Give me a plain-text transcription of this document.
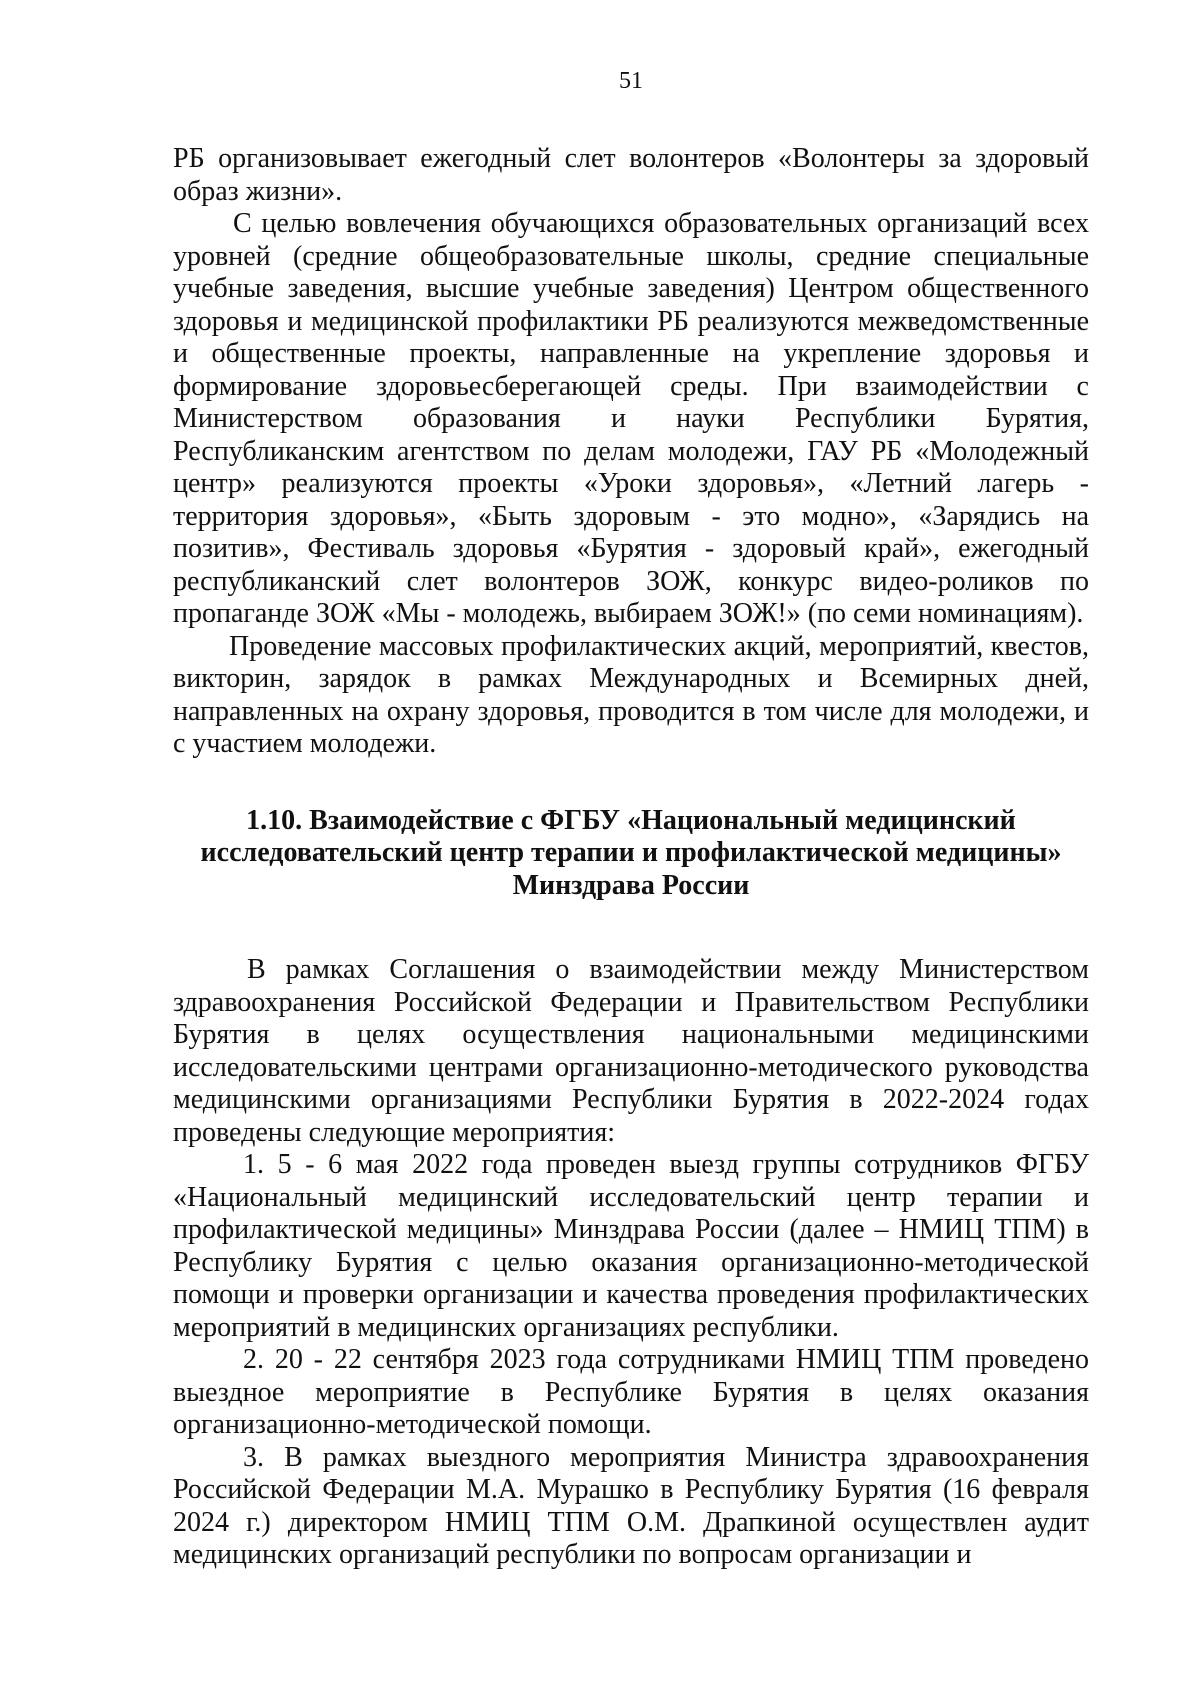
51

РБ организовывает ежегодный слет волонтеров «Волонтеры за здоровый образ жизни».

С целью вовлечения обучающихся образовательных организаций всех уровней (средние общеобразовательные школы, средние специальные учебные заведения, высшие учебные заведения) Центром общественного здоровья и медицинской профилактики РБ реализуются межведомственные и общественные проекты, направленные на укрепление здоровья и формирование здоровьесберегающей среды. При взаимодействии с Министерством образования и науки Республики Бурятия, Республиканским агентством по делам молодежи, ГАУ РБ «Молодежный центр» реализуются проекты «Уроки здоровья», «Летний лагерь - территория здоровья», «Быть здоровым - это модно», «Зарядись на позитив», Фестиваль здоровья «Бурятия - здоровый край», ежегодный республиканский слет волонтеров ЗОЖ, конкурс видео-роликов по пропаганде ЗОЖ «Мы - молодежь, выбираем ЗОЖ!» (по семи номинациям).

Проведение массовых профилактических акций, мероприятий, квестов, викторин, зарядок в рамках Международных и Всемирных дней, направленных на охрану здоровья, проводится в том числе для молодежи, и с участием молодежи.

1.10. Взаимодействие с ФГБУ «Национальный медицинский исследовательский центр терапии и профилактической медицины» Минздрава России

В рамках Соглашения о взаимодействии между Министерством здравоохранения Российской Федерации и Правительством Республики Бурятия в целях осуществления национальными медицинскими исследовательскими центрами организационно-методического руководства медицинскими организациями Республики Бурятия в 2022-2024 годах проведены следующие мероприятия:

1. 5 - 6 мая 2022 года проведен выезд группы сотрудников ФГБУ «Национальный медицинский исследовательский центр терапии и профилактической медицины» Минздрава России (далее – НМИЦ ТПМ) в Республику Бурятия с целью оказания организационно-методической помощи и проверки организации и качества проведения профилактических мероприятий в медицинских организациях республики.

2. 20 - 22 сентября 2023 года сотрудниками НМИЦ ТПМ проведено выездное мероприятие в Республике Бурятия в целях оказания организационно-методической помощи.

3. В рамках выездного мероприятия Министра здравоохранения Российской Федерации М.А. Мурашко в Республику Бурятия (16 февраля 2024 г.) директором НМИЦ ТПМ О.М. Драпкиной осуществлен аудит медицинских организаций республики по вопросам организации и
